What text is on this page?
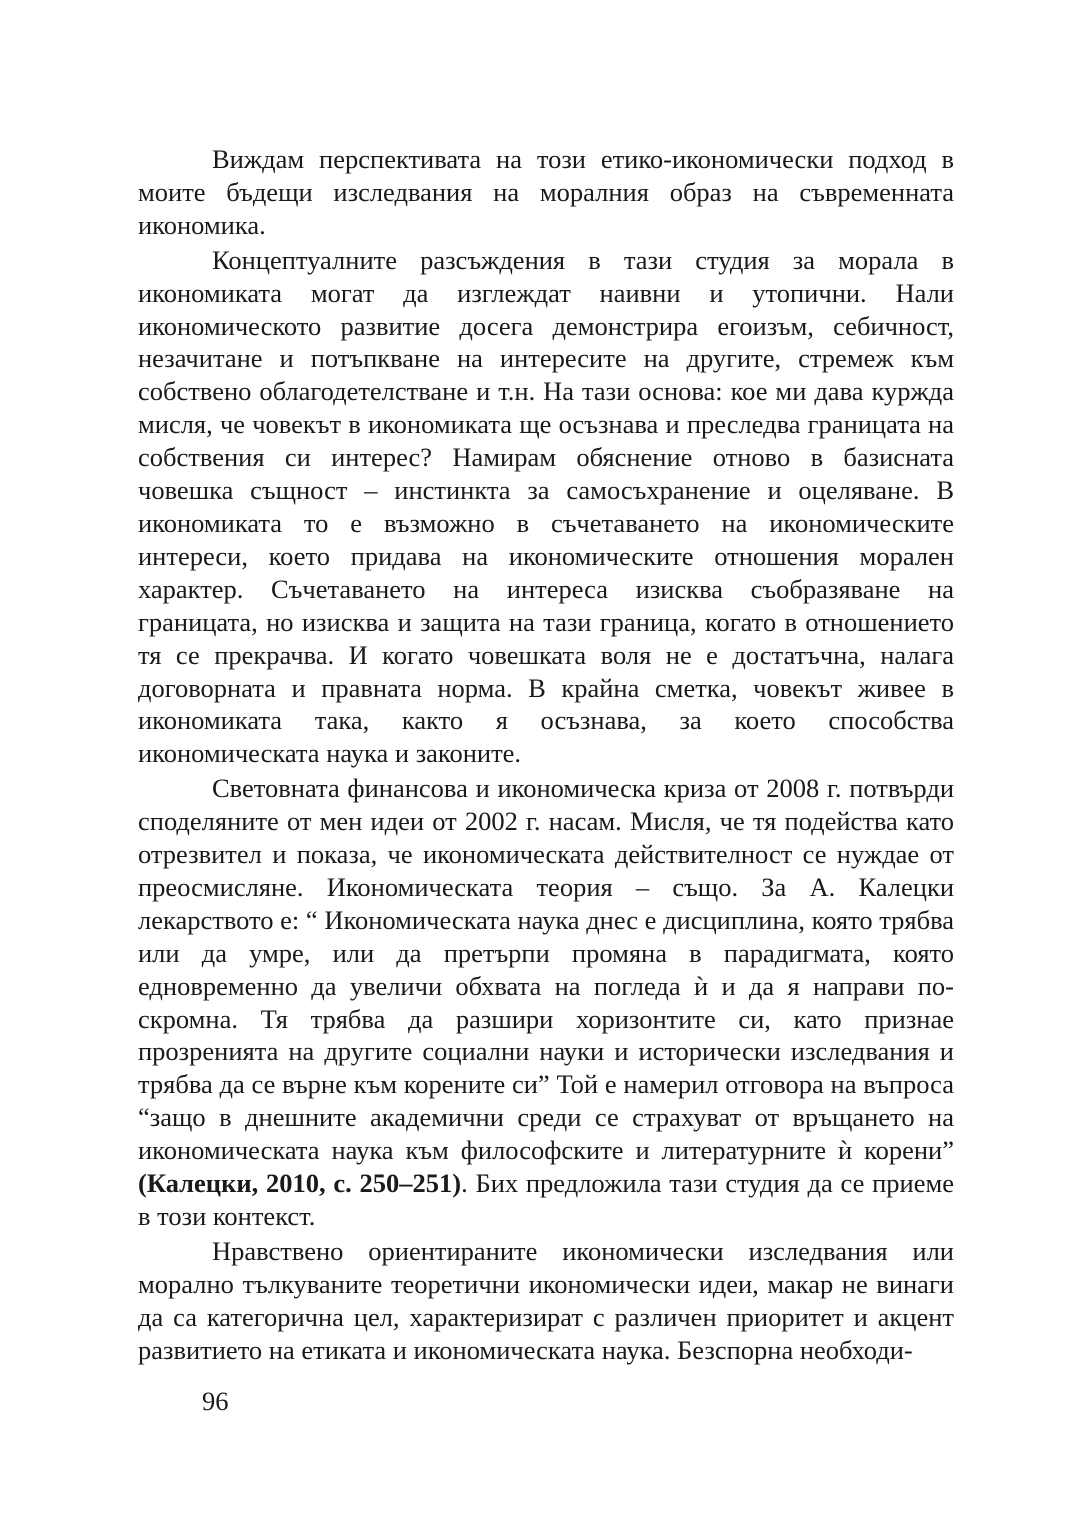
Виждам перспективата на този етико-икономически подход в моите бъдещи изследвания на моралния образ на съвременната икономика.

Концептуалните разсъждения в тази студия за морала в икономиката могат да изглеждат наивни и утопични. Нали икономическото развитие досега демонстрира егоизъм, себичност, незачитане и потъпкване на интересите на другите, стремеж към собствено облагодетелстване и т.н. На тази основа: кое ми дава куржда мисля, че човекът в икономиката ще осъзнава и преследва границата на собствения си интерес? Намирам обяснение отново в базисната човешка същност – инстинкта за самосъхранение и оцеляване. В икономиката то е възможно в съчетаването на икономическите интереси, което придава на икономическите отношения морален характер. Съчетаването на интереса изисква съобразяване на границата, но изисква и защита на тази граница, когато в отношението тя се прекрачва. И когато човешката воля не е достатъчна, налага договорната и правната норма. В крайна сметка, човекът живее в икономиката така, както я осъзнава, за което способства икономическата наука и законите.

Световната финансова и икономическа криза от 2008 г. потвърди споделяните от мен идеи от 2002 г. насам. Мисля, че тя подейства като отрезвител и показа, че икономическата действителност се нуждае от преосмисляне. Икономическата теория – също. За А. Калецки лекарството е: “ Икономическата наука днес е дисциплина, която трябва или да умре, или да претърпи промяна в парадигмата, която едновременно да увеличи обхвата на погледа ѝ и да я направи по-скромна. Тя трябва да разшири хоризонтите си, като признае прозренията на другите социални науки и исторически изследвания и трябва да се върне към корените си” Той е намерил отговора на въпроса “защо в днешните академични среди се страхуват от връщането на икономическата наука към философските и литературните ѝ корени” (Калецки, 2010, с. 250–251). Бих предложила тази студия да се приеме в този контекст.

Нравствено ориентираните икономически изследвания или морално тълкуваните теоретични икономически идеи, макар не винаги да са категорична цел, характеризират с различен приоритет и акцент развитието на етиката и икономическата наука. Безспорна необходи-

96
